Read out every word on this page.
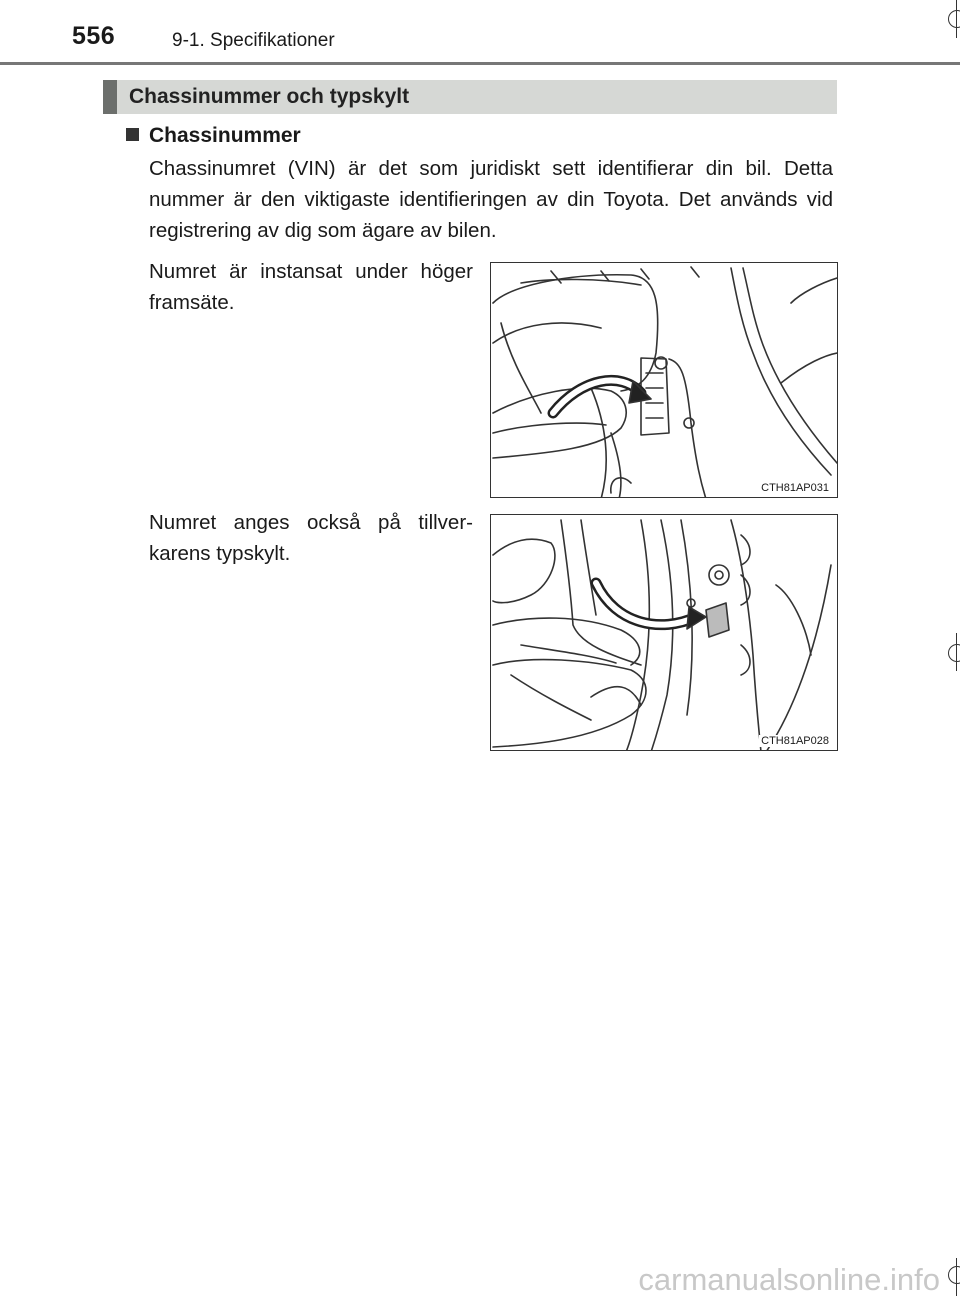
556	9-1. Specifikationer
Chassinummer och typskylt
Chassinummer
Chassinumret (VIN) är det som juridiskt sett identifierar din bil. Detta nummer är den viktigaste identifieringen av din Toyota. Det används vid registrering av dig som ägare av bilen.
Numret är instansat under höger framsäte.
CTH81AP031
Numret anges också på tillver-karens typskylt.
CTH81AP028
carmanualsonline.info
